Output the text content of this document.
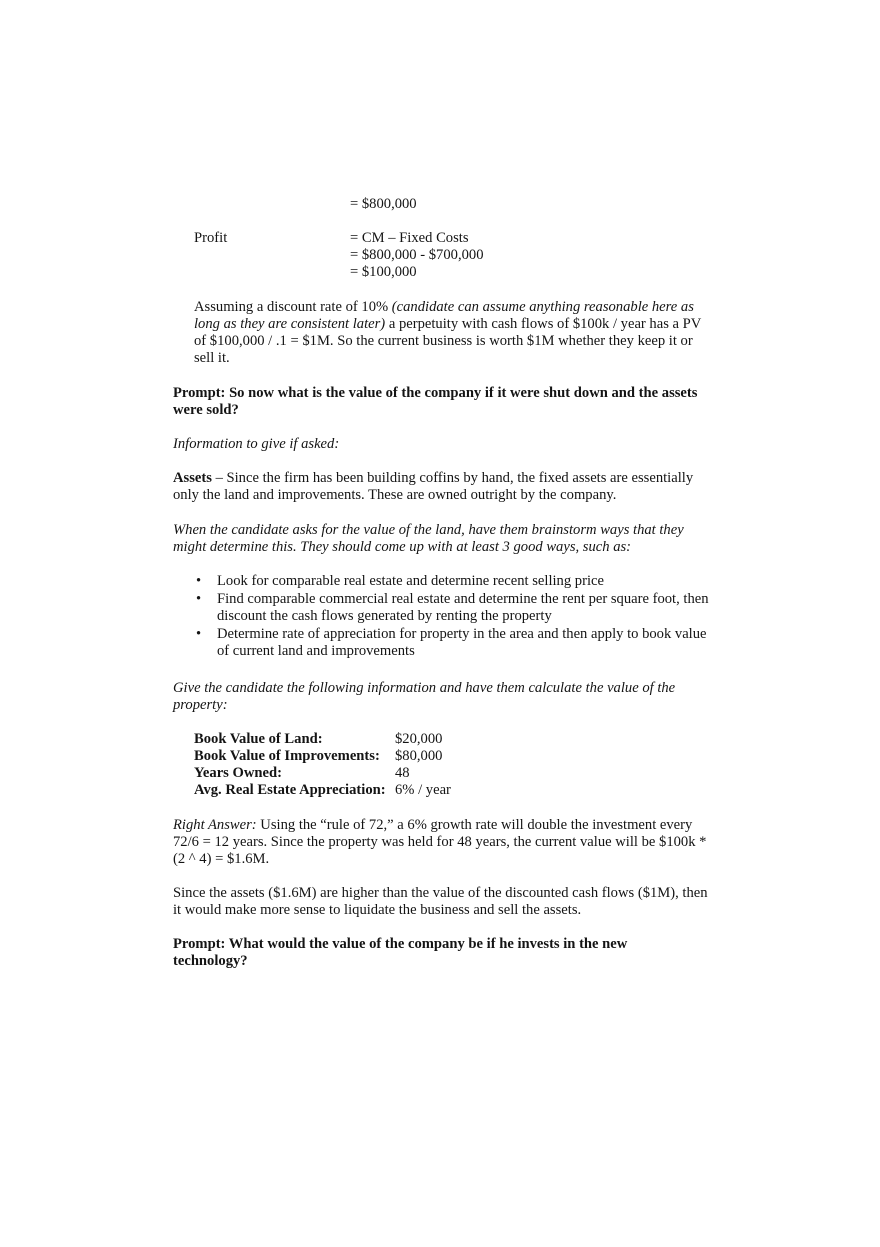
= $800,000
Profit	= CM – Fixed Costs
= $800,000 - $700,000
= $100,000

Assuming a discount rate of 10% (candidate can assume anything reasonable here as long as they are consistent later) a perpetuity with cash flows of $100k / year has a PV of $100,000 / .1 = $1M. So the current business is worth $1M whether they keep it or sell it.

Prompt: So now what is the value of the company if it were shut down and the assets were sold?

Information to give if asked:

Assets – Since the firm has been building coffins by hand, the fixed assets are essentially only the land and improvements. These are owned outright by the company.

When the candidate asks for the value of the land, have them brainstorm ways that they might determine this. They should come up with at least 3 good ways, such as:

• Look for comparable real estate and determine recent selling price
• Find comparable commercial real estate and determine the rent per square foot, then discount the cash flows generated by renting the property
• Determine rate of appreciation for property in the area and then apply to book value of current land and improvements

Give the candidate the following information and have them calculate the value of the property:

Book Value of Land:	$20,000
Book Value of Improvements:	$80,000
Years Owned:	48
Avg. Real Estate Appreciation:	6% / year

Right Answer: Using the “rule of 72,” a 6% growth rate will double the investment every 72/6 = 12 years. Since the property was held for 48 years, the current value will be $100k * (2 ^ 4) = $1.6M.

Since the assets ($1.6M) are higher than the value of the discounted cash flows ($1M), then it would make more sense to liquidate the business and sell the assets.

Prompt: What would the value of the company be if he invests in the new technology?
